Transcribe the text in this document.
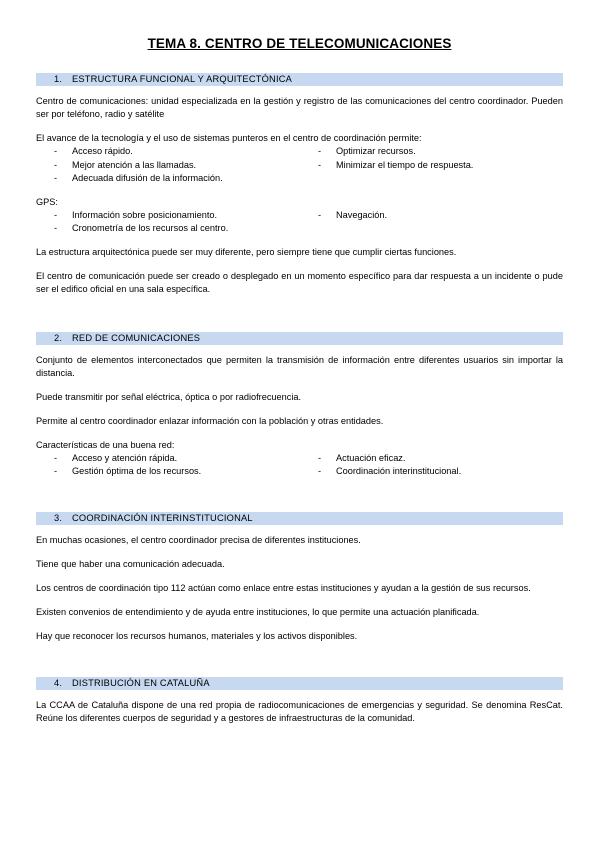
TEMA 8. CENTRO DE TELECOMUNICACIONES
1. ESTRUCTURA FUNCIONAL Y ARQUITECTÓNICA

Centro de comunicaciones: unidad especializada en la gestión y registro de las comunicaciones del centro coordinador. Pueden ser por teléfono, radio y satélite

El avance de la tecnología y el uso de sistemas punteros en el centro de coordinación permite:

- Acceso rápido.	- Optimizar recursos.
- Mejor atención a las llamadas.	- Minimizar el tiempo de respuesta.
- Adecuada difusión de la información.

GPS:

- Información sobre posicionamiento.	- Navegación.
- Cronometría de los recursos al centro.

La estructura arquitectónica puede ser muy diferente, pero siempre tiene que cumplir ciertas funciones.

El centro de comunicación puede ser creado o desplegado en un momento específico para dar respuesta a un incidente o pude ser el edifico oficial en una sala específica.

2. RED DE COMUNICACIONES

Conjunto de elementos interconectados que permiten la transmisión de información entre diferentes usuarios sin importar la distancia.

Puede transmitir por señal eléctrica, óptica o por radiofrecuencia.

Permite al centro coordinador enlazar información con la población y otras entidades.

Características de una buena red:

- Acceso y atención rápida.	- Actuación eficaz.
- Gestión óptima de los recursos.	- Coordinación interinstitucional.
3. COORDINACIÓN INTERINSTITUCIONAL

En muchas ocasiones, el centro coordinador precisa de diferentes instituciones.

Tiene que haber una comunicación adecuada.

Los centros de coordinación tipo 112 actúan como enlace entre estas instituciones y ayudan a la gestión de sus recursos.

Existen convenios de entendimiento y de ayuda entre instituciones, lo que permite una actuación planificada.

Hay que reconocer los recursos humanos, materiales y los activos disponibles.

4. DISTRIBUCIÓN EN CATALUÑA

La CCAA de Cataluña dispone de una red propia de radiocomunicaciones de emergencias y seguridad. Se denomina ResCat. Reúne los diferentes cuerpos de seguridad y a gestores de infraestructuras de la comunidad.
